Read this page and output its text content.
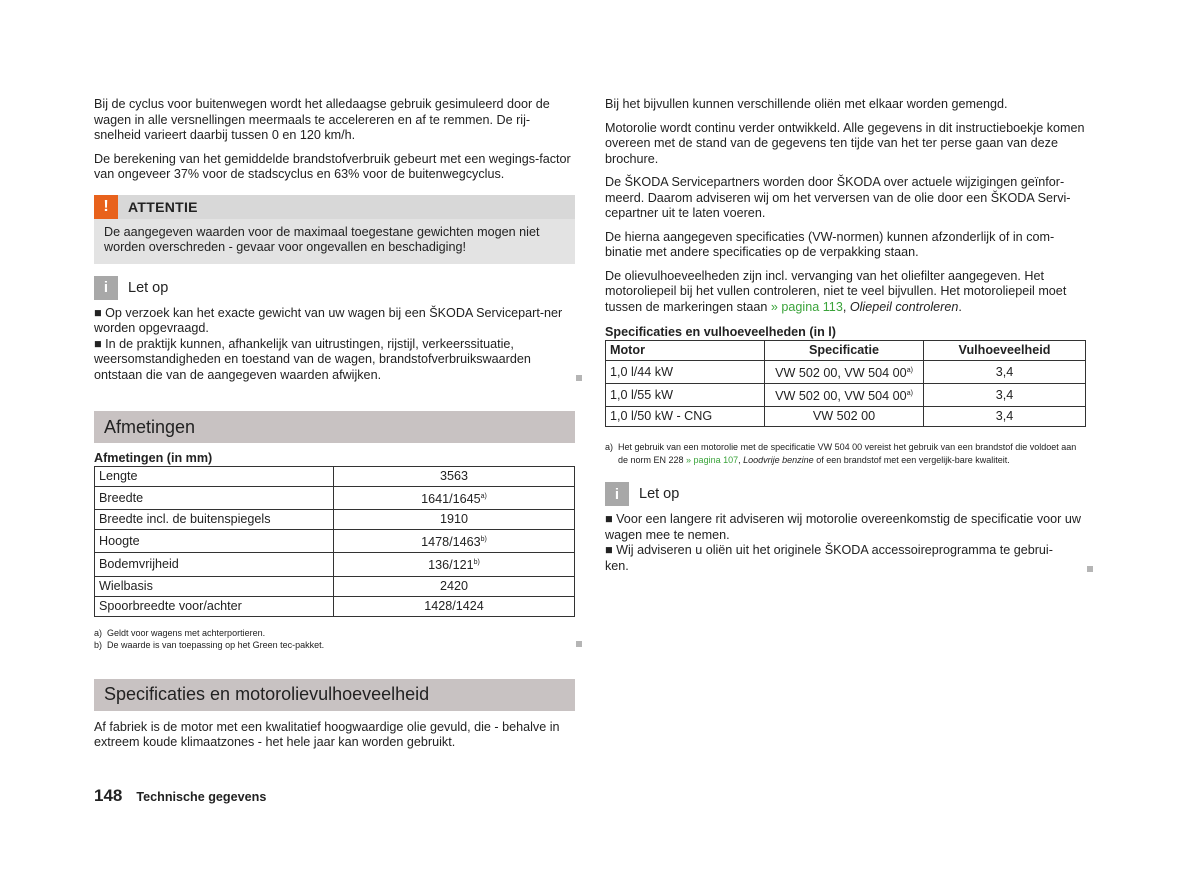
Bij de cyclus voor buitenwegen wordt het alledaagse gebruik gesimuleerd door de wagen in alle versnellingen meermaals te accelereren en af te remmen. De rij-snelheid varieert daarbij tussen 0 en 120 km/h.

De berekening van het gemiddelde brandstofverbruik gebeurt met een wegings-factor van ongeveer 37% voor de stadscyclus en 63% voor de buitenwegcyclus.

!	ATTENTIE
De aangegeven waarden voor de maximaal toegestane gewichten mogen niet worden overschreden - gevaar voor ongevallen en beschadiging!
i	Let op

■ Op verzoek kan het exacte gewicht van uw wagen bij een ŠKODA Servicepart-ner worden opgevraagd.

■ In de praktijk kunnen, afhankelijk van uitrustingen, rijstijl, verkeerssituatie, weersomstandigheden en toestand van de wagen, brandstofverbruikswaarden ontstaan die van de aangegeven waarden afwijken.

Afmetingen
Afmetingen (in mm)
Lengte	3563
Breedte	1641/1645$^{a)}$
Breedte incl. de buitenspiegels	1910
Hoogte	1478/1463$^{b)}$
Bodemvrijheid	136/121$^{b)}$
Wielbasis	2420
Spoorbreedte voor/achter	1428/1424

a) Geldt voor wagens met achterportieren.

b) De waarde is van toepassing op het Green tec-pakket.

Specificaties en motorolievulhoeveelheid

Af fabriek is de motor met een kwalitatief hoogwaardige olie gevuld, die - behalve in extreem koude klimaatzones - het hele jaar kan worden gebruikt.

Bij het bijvullen kunnen verschillende oliën met elkaar worden gemengd.

Motorolie wordt continu verder ontwikkeld. Alle gegevens in dit instructieboekje komen overeen met de stand van de gegevens ten tijde van het ter perse gaan van deze brochure.

De ŠKODA Servicepartners worden door ŠKODA over actuele wijzigingen geïnfor-meerd. Daarom adviseren wij om het verversen van de olie door een ŠKODA Servi-cepartner uit te laten voeren.

De hierna aangegeven specificaties (VW-normen) kunnen afzonderlijk of in com-binatie met andere specificaties op de verpakking staan.

De olievulhoeveelheden zijn incl. vervanging van het oliefilter aangegeven. Het motoroliepeil bij het vullen controleren, niet te veel bijvullen. Het motoroliepeil moet tussen de markeringen staan » pagina 113, Oliepeil controleren.

Specificaties en vulhoeveelheden (in l)
Motor	Specificatie	Vulhoeveelheid
1,0 l/44 kW	VW 502 00, VW 504 00$^{a)}$	3,4
1,0 l/55 kW	VW 502 00, VW 504 00$^{a)}$	3,4
1,0 l/50 kW - CNG	VW 502 00	3,4

a) Het gebruik van een motorolie met de specificatie VW 504 00 vereist het gebruik van een brandstof die voldoet aan de norm EN 228 » pagina 107, Loodvrije benzine of een brandstof met een vergelijk-bare kwaliteit.

i	Let op

■ Voor een langere rit adviseren wij motorolie overeenkomstig de specificatie voor uw wagen mee te nemen.

■ Wij adviseren u oliën uit het originele ŠKODA accessoireprogramma te gebrui-ken.

148 Technische gegevens
